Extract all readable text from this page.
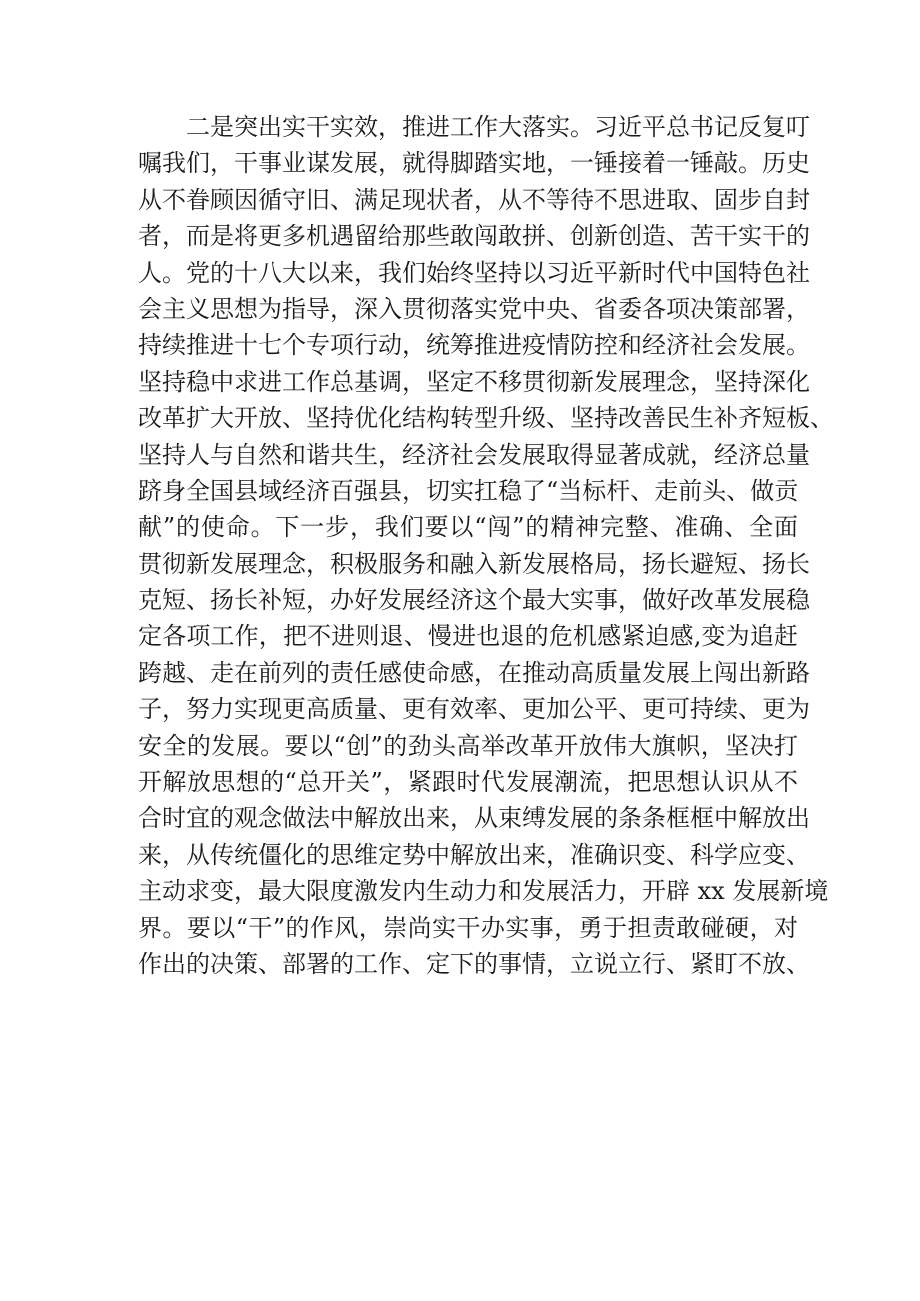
二是突出实干实效，推进工作大落实。习近平总书记反复叮
嘱我们，干事业谋发展，就得脚踏实地，一锤接着一锤敲。历史
从不眷顾因循守旧、满足现状者，从不等待不思进取、固步自封
者，而是将更多机遇留给那些敢闯敢拼、创新创造、苦干实干的
人。党的十八大以来，我们始终坚持以习近平新时代中国特色社
会主义思想为指导，深入贯彻落实党中央、省委各项决策部署，
持续推进十七个专项行动，统筹推进疫情防控和经济社会发展。
坚持稳中求进工作总基调，坚定不移贯彻新发展理念，坚持深化
改革扩大开放、坚持优化结构转型升级、坚持改善民生补齐短板、
坚持人与自然和谐共生，经济社会发展取得显著成就，经济总量
跻身全国县域经济百强县，切实扛稳了“当标杆、走前头、做贡
献”的使命。下一步，我们要以“闯”的精神完整、准确、全面
贯彻新发展理念，积极服务和融入新发展格局，扬长避短、扬长
克短、扬长补短，办好发展经济这个最大实事，做好改革发展稳
定各项工作，把不进则退、慢进也退的危机感紧迫感,变为追赶
跨越、走在前列的责任感使命感，在推动高质量发展上闯出新路
子，努力实现更高质量、更有效率、更加公平、更可持续、更为
安全的发展。要以“创”的劲头高举改革开放伟大旗帜，坚决打
开解放思想的“总开关”，紧跟时代发展潮流，把思想认识从不
合时宜的观念做法中解放出来，从束缚发展的条条框框中解放出
来，从传统僵化的思维定势中解放出来，准确识变、科学应变、
主动求变，最大限度激发内生动力和发展活力，开辟 xx 发展新境
界。要以“干”的作风，崇尚实干办实事，勇于担责敢碰硬，对
作出的决策、部署的工作、定下的事情，立说立行、紧盯不放、
